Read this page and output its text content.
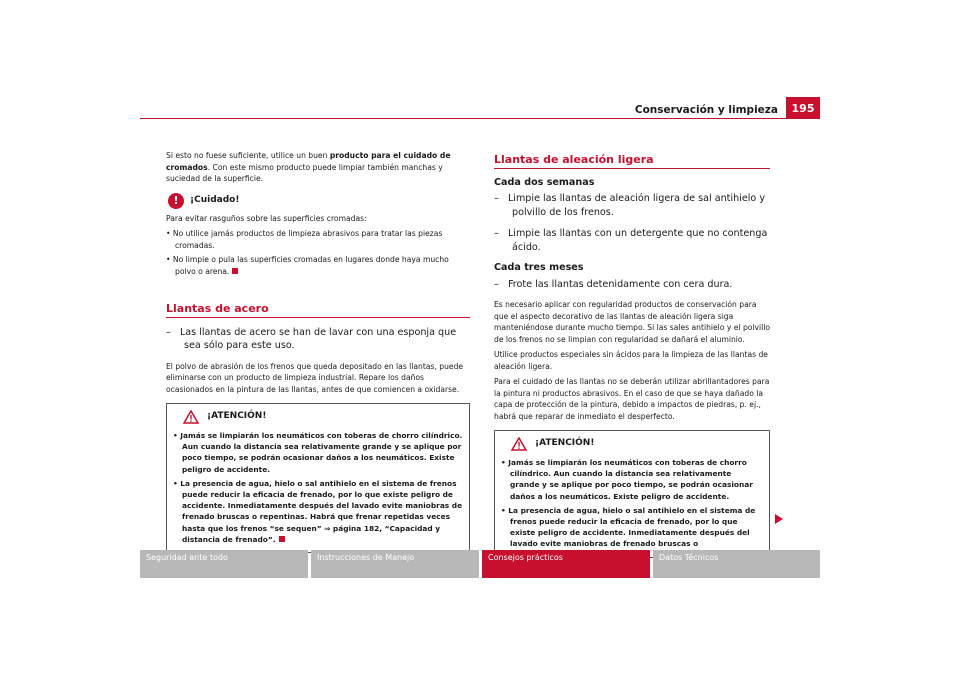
Conservación y limpieza	195

Si esto no fuese suficiente, utilice un buen producto para el cuidado de cromados. Con este mismo producto puede limpiar también manchas y suciedad de la superficie.

!	¡Cuidado!

Para evitar rasguños sobre las superficies cromadas:

• No utilice jamás productos de limpieza abrasivos para tratar las piezas cromadas.

• No limpie o pula las superficies cromadas en lugares donde haya mucho polvo o arena.

Llantas de acero

–   Las llantas de acero se han de lavar con una esponja que sea sólo para este uso.

El polvo de abrasión de los frenos que queda depositado en las llantas, puede eliminarse con un producto de limpieza industrial. Repare los daños ocasionados en la pintura de las llantas, antes de que comiencen a oxidarse.

¡ATENCIÓN!

• Jamás se limpiarán los neumáticos con toberas de chorro cilíndrico. Aun cuando la distancia sea relativamente grande y se aplique por poco tiempo, se podrán ocasionar daños a los neumáticos. Existe peligro de accidente.

• La presencia de agua, hielo o sal antihielo en el sistema de frenos puede reducir la eficacia de frenado, por lo que existe peligro de accidente. Inmediatamente después del lavado evite maniobras de frenado bruscas o repentinas. Habrá que frenar repetidas veces hasta que los frenos “se sequen” ⇒ página 182, “Capacidad y distancia de frenado”.

Llantas de aleación ligera
Cada dos semanas

–   Limpie las llantas de aleación ligera de sal antihielo y polvillo de los frenos.

–   Limpie las llantas con un detergente que no contenga ácido.

Cada tres meses

–   Frote las llantas detenidamente con cera dura.

Es necesario aplicar con regularidad productos de conservación para que el aspecto decorativo de las llantas de aleación ligera siga manteniéndose durante mucho tiempo. Si las sales antihielo y el polvillo de los frenos no se limpian con regularidad se dañará el aluminio.

Utilice productos especiales sin ácidos para la limpieza de las llantas de aleación ligera.

Para el cuidado de las llantas no se deberán utilizar abrillantadores para la pintura ni productos abrasivos. En el caso de que se haya dañado la capa de protección de la pintura, debido a impactos de piedras, p. ej., habrá que reparar de inmediato el desperfecto.

¡ATENCIÓN!

• Jamás se limpiarán los neumáticos con toberas de chorro cilíndrico. Aun cuando la distancia sea relativamente grande y se aplique por poco tiempo, se podrán ocasionar daños a los neumáticos. Existe peligro de accidente.

• La presencia de agua, hielo o sal antihielo en el sistema de frenos puede reducir la eficacia de frenado, por lo que existe peligro de accidente. Inmediatamente después del lavado evite maniobras de frenado bruscas o

Seguridad ante todo	Instrucciones de Manejo	Consejos prácticos	Datos Técnicos
